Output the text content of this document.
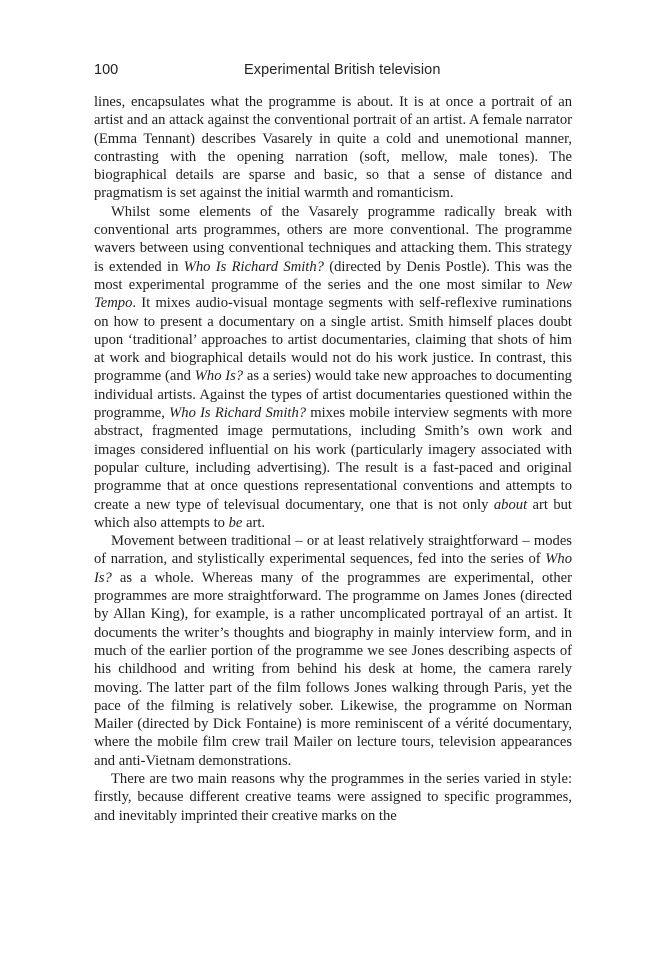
100	Experimental British television

lines, encapsulates what the programme is about. It is at once a portrait of an artist and an attack against the conventional portrait of an artist. A female narrator (Emma Tennant) describes Vasarely in quite a cold and unemotional manner, contrasting with the opening narration (soft, mellow, male tones). The biographical details are sparse and basic, so that a sense of distance and pragmatism is set against the initial warmth and romanticism.

Whilst some elements of the Vasarely programme radically break with conventional arts programmes, others are more conventional. The programme wavers between using conventional techniques and attacking them. This strategy is extended in Who Is Richard Smith? (directed by Denis Postle). This was the most experimental programme of the series and the one most similar to New Tempo. It mixes audio-visual montage segments with self-reflexive ruminations on how to present a documentary on a single artist. Smith himself places doubt upon ‘traditional’ approaches to artist documentaries, claiming that shots of him at work and biographical details would not do his work justice. In contrast, this programme (and Who Is? as a series) would take new approaches to documenting individual artists. Against the types of artist documentaries questioned within the programme, Who Is Richard Smith? mixes mobile interview segments with more abstract, fragmented image permutations, including Smith’s own work and images considered influential on his work (particularly imagery associated with popular culture, including advertising). The result is a fast-paced and original programme that at once questions representational conventions and attempts to create a new type of televisual documentary, one that is not only about art but which also attempts to be art.

Movement between traditional – or at least relatively straightforward – modes of narration, and stylistically experimental sequences, fed into the series of Who Is? as a whole. Whereas many of the programmes are experimental, other programmes are more straightforward. The programme on James Jones (directed by Allan King), for example, is a rather uncomplicated portrayal of an artist. It documents the writer’s thoughts and biography in mainly interview form, and in much of the earlier portion of the programme we see Jones describing aspects of his childhood and writing from behind his desk at home, the camera rarely moving. The latter part of the film follows Jones walking through Paris, yet the pace of the filming is relatively sober. Likewise, the programme on Norman Mailer (directed by Dick Fontaine) is more reminiscent of a vérité documentary, where the mobile film crew trail Mailer on lecture tours, television appearances and anti-Vietnam demonstrations.

There are two main reasons why the programmes in the series varied in style: firstly, because different creative teams were assigned to specific programmes, and inevitably imprinted their creative marks on the
